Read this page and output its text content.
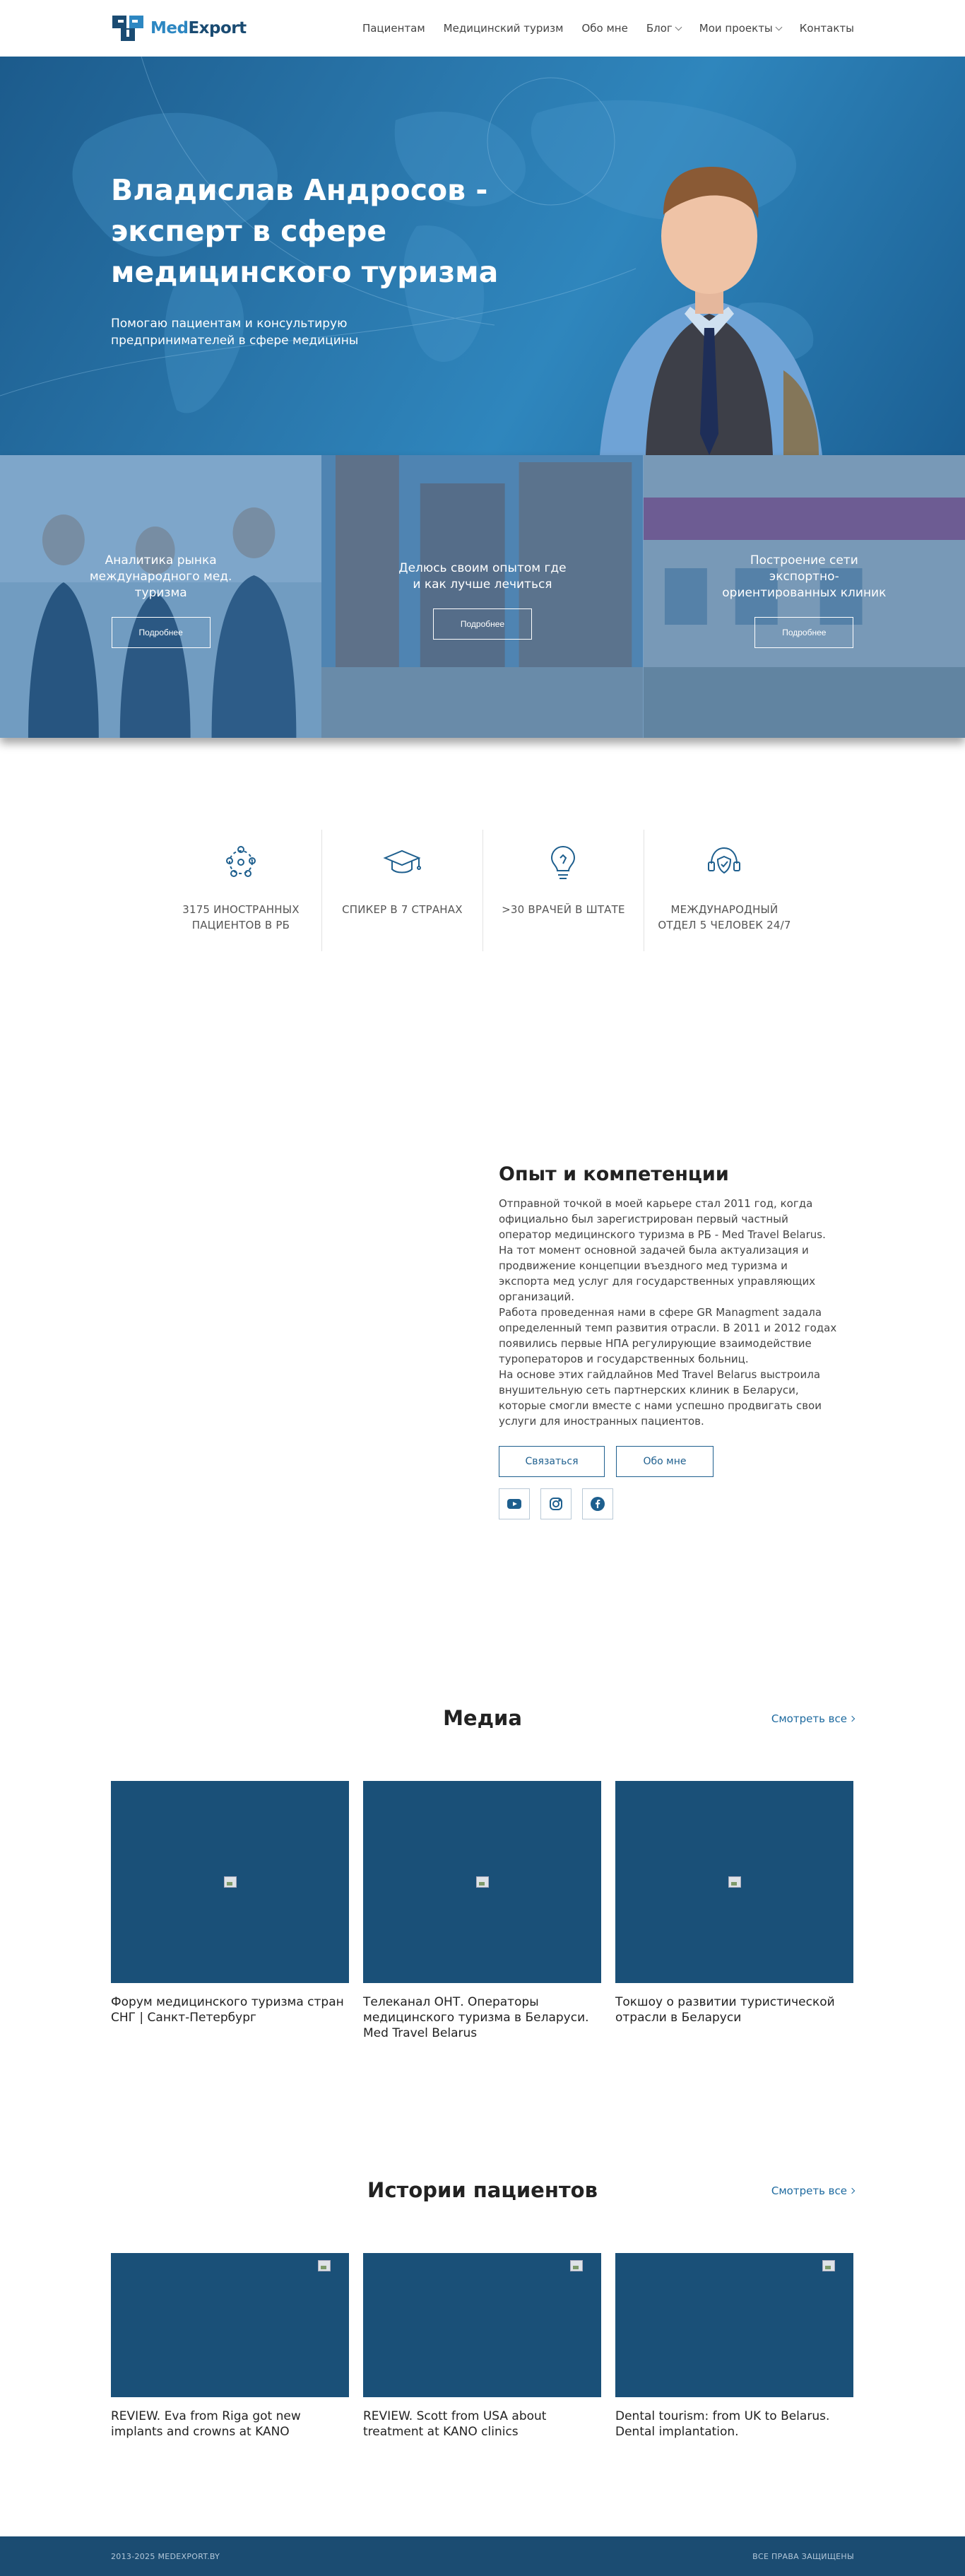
MedExport	Пациентам Медицинский туризм Обо мне Блог	Мои проекты	Контакты
Владислав Андросов - эксперт в сфере медицинского туризма

Помогаю пациентам и консультирую предпринимателей в сфере медицины

Аналитика рынка международного мед. туризма
Подробнее
Делюсь своим опытом где и как лучше лечиться
Подробнее
Построение сети экспортно-ориентированных клиник
Подробнее
3175 ИНОСТРАННЫХ ПАЦИЕНТОВ В РБ
СПИКЕР В 7 СТРАНАХ	>30 ВРАЧЕЙ В ШТАТЕ	МЕЖДУНАРОДНЫЙ ОТДЕЛ 5 ЧЕЛОВЕК 24/7
Опыт и компетенции

Отправной точкой в моей карьере стал 2011 год, когда официально был зарегистрирован первый частный оператор медицинского туризма в РБ - Med Travel Belarus.

На тот момент основной задачей была актуализация и продвижение концепции въездного мед туризма и экспорта мед услуг для государственных управляющих организаций.

Работа проведенная нами в сфере GR Managment задала определенный темп развития отрасли. В 2011 и 2012 годах появились первые НПА регулирующие взаимодействие туроператоров и государственных больниц.

На основе этих гайдлайнов Med Travel Belarus выстроила внушительную сеть партнерских клиник в Беларуси, которые смогли вместе с нами успешно продвигать свои услуги для иностранных пациентов.

Связаться	Обо мне
Медиа	Смотреть все
Форум медицинского туризма стран СНГ | Санкт-Петербург
Телеканал ОНТ. Операторы медицинского туризма в Беларуси. Med Travel Belarus
Токшоу о развитии туристической отрасли в Беларуси
Истории пациентов	Смотреть все
REVIEW. Eva from Riga got new implants and crowns at KANO
REVIEW. Scott from USA about treatment at KANO clinics
Dental tourism: from UK to Belarus. Dental implantation.
2013-2025 MEDEXPORT.BY	ВСЕ ПРАВА ЗАЩИЩЕНЫ
